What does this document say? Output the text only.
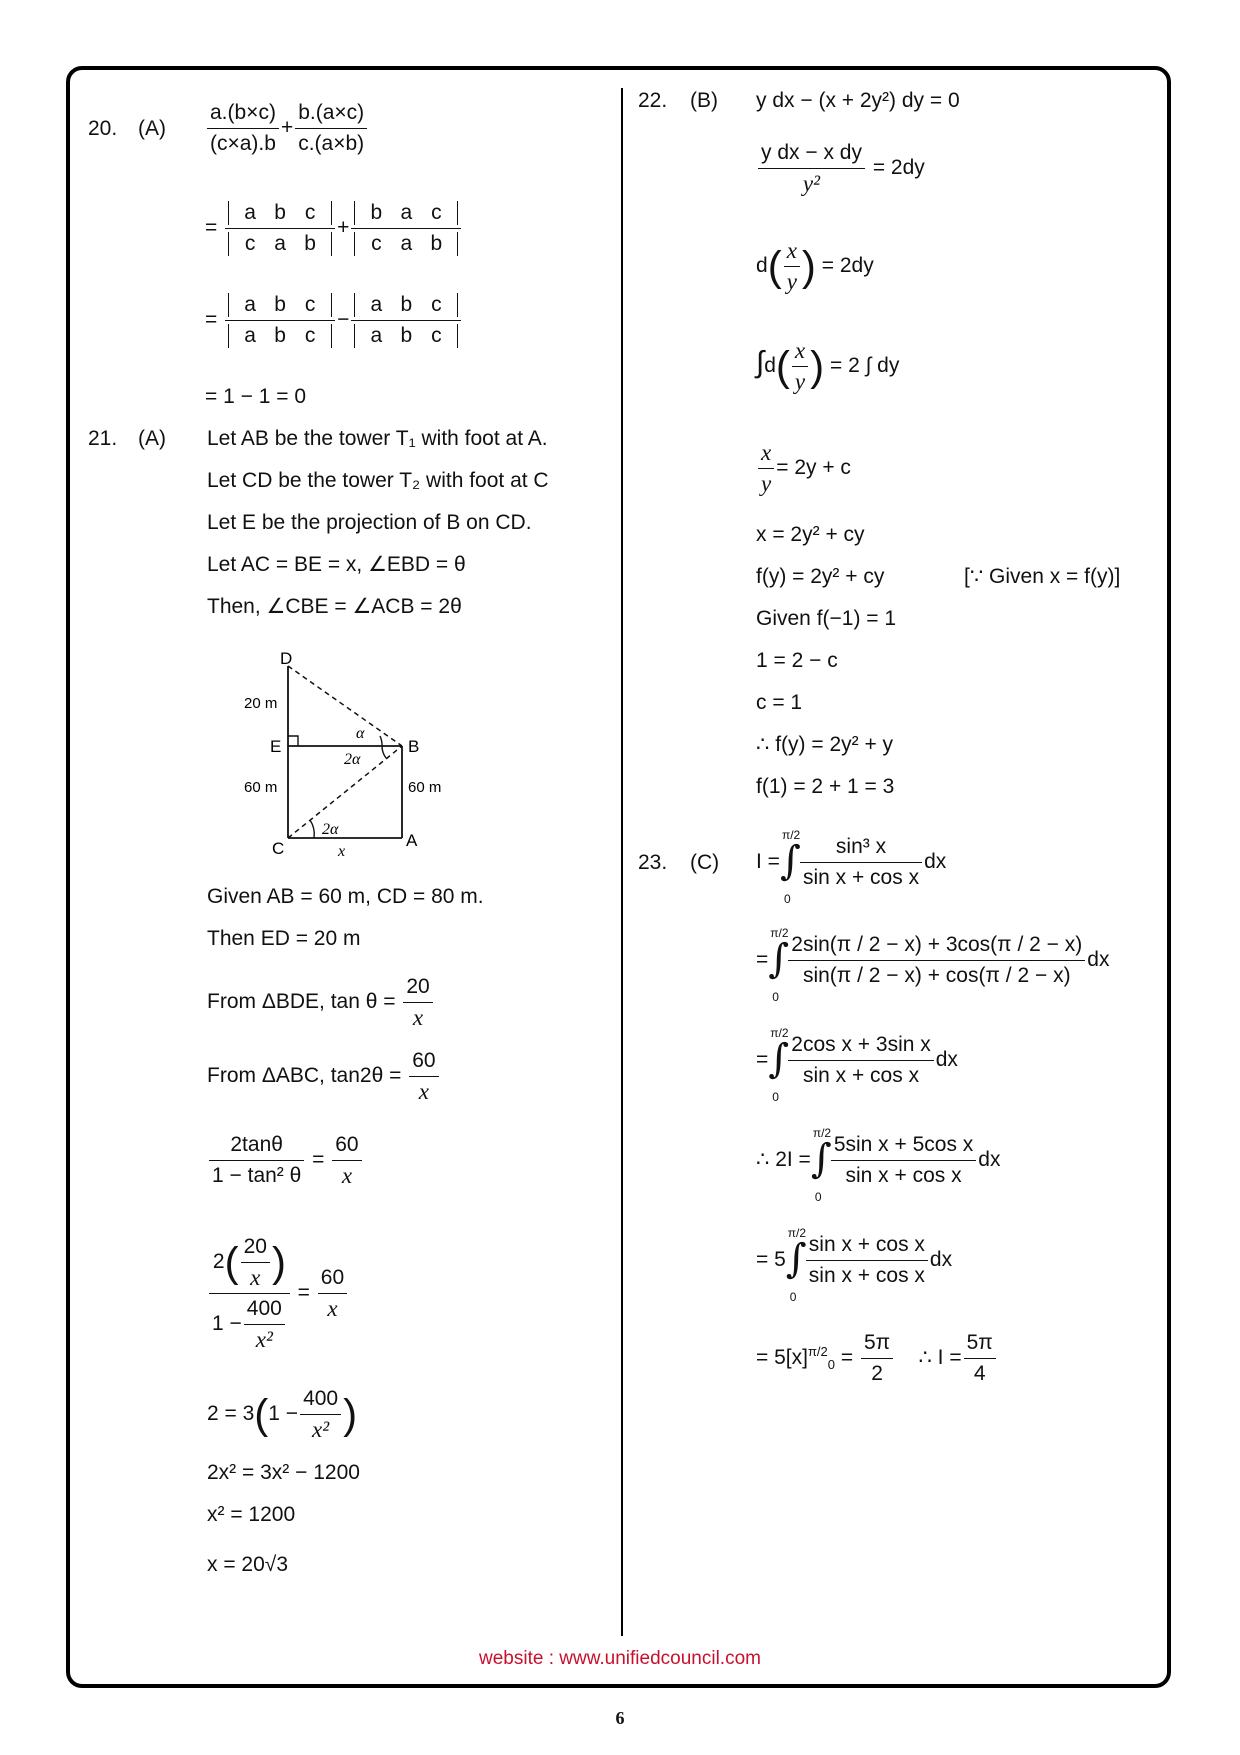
20. $(A) \frac{a.(b\times c)}{(c\times a).b} + \frac{b.(a\times c)}{c.(a\times b)}$
= $\frac{\text{a b c}}{\text{c a b}} + \frac{\text{b a c}}{\text{c a b}}$
= $\frac{\text{a b c}}{\text{a b c}} - \frac{\text{a b c}}{\text{a b c}}$
= 1 − 1 = 0
21. (A) Let AB be the tower T₁ with foot at A.
Let CD be the tower T₂ with foot at C
Let E be the projection of B on CD.
Let AC = BE = x, ∠EBD = θ
Then, ∠CBE = ∠ACB = 2θ
D
E	B
C	A
20 m
60 m	60 m
α
2α
2α
x
Given AB = 60 m, CD = 80 m.
Then ED = 20 m
From ΔBDE, $\tan \theta = \frac{20}{x}$
From ΔABC, $\tan 2\theta = \frac{60}{x}$
$\frac{2\tan\theta}{\text{1 − tan² θ}} = \frac{60}{x}$
$\frac{2( \frac{20}{x} )}{1 - \frac{400}{\text{x²}}} = \frac{60}{x}$
$2 = 3(1 - \frac{400}{\text{x²}}$ )
2x² = 3x² − 1200
x² = 1200
x = 20√3
22. (B) y dx − (x + 2y²) dy = 0
$\frac{\text{y dx − x dy}}{\text{y²}} = 2dy$
$d( \frac{x}{y}$ ) = 2dy
$\int d( \frac{x}{y}$ ) = 2 ∫ dy
$\frac{x}{y} = 2y + c$
x = 2y² + cy
f(y) = 2y² + cy	[∵ Given x = f(y)]
Given f(−1) = 1
1 = 2 − c
c = 1
∴ f(y) = 2y² + y
f(1) = 2 + 1 = 3
23. (C) I =
π/2
∫
0
$\frac{\text{sin³ x}}{\text{sin x + cos x}}$ dx
=
π/2
∫
0
$\frac{2\sin(\pi / 2 - x) + 3\cos(\pi / 2 - x)}{\sin(\pi / 2 - x) + \cos(\pi / 2 - x)}$ dx
=
π/2
∫
0
$\frac{\text{2cos x + 3sin x}}{\text{sin x + cos x}}$ dx
∴ 2I =
π/2
∫
0
$\frac{\text{5sin x + 5cos x}}{\text{sin x + cos x}}$ dx
= 5
π/2
∫
0
$\frac{\text{sin x + cos x}}{\text{sin x + cos x}}$ dx
= $5[x]^{\pi/2}_0 = \frac{5\pi}{2}$ ∴ $I = \frac{5\pi}{4}$
website : www.unifiedcouncil.com
6
